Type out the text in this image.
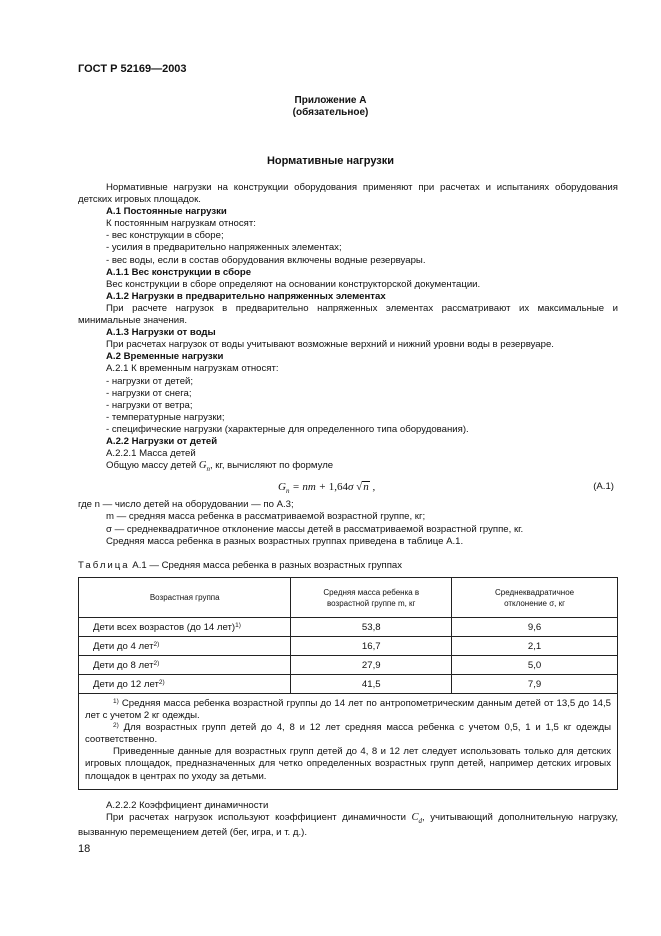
ГОСТ Р 52169—2003
Приложение А
(обязательное)
Нормативные нагрузки

Нормативные нагрузки на конструкции оборудования применяют при расчетах и испытаниях оборудования детских игровых площадок.

А.1 Постоянные нагрузки

К постоянным нагрузкам относят:

- вес конструкции в сборе;

- усилия в предварительно напряженных элементах;

- вес воды, если в состав оборудования включены водные резервуары.

А.1.1 Вес конструкции в сборе

Вес конструкции в сборе определяют на основании конструкторской документации.

А.1.2 Нагрузки в предварительно напряженных элементах

При расчете нагрузок в предварительно напряженных элементах рассматривают их максимальные и минимальные значения.

А.1.3 Нагрузки от воды

При расчетах нагрузок от воды учитывают возможные верхний и нижний уровни воды в резервуаре.

А.2 Временные нагрузки

А.2.1 К временным нагрузкам относят:

- нагрузки от детей;

- нагрузки от снега;

- нагрузки от ветра;

- температурные нагрузки;

- специфические нагрузки (характерные для определенного типа оборудования).

А.2.2 Нагрузки от детей

А.2.2.1 Масса детей

Общую массу детей $G_n$, кг, вычисляют по формуле

$G_n$ = nm + 1,64σ √n ,	(А.1)

где n — число детей на оборудовании — по А.3;

m — средняя масса ребенка в рассматриваемой возрастной группе, кг;

σ — среднеквадратичное отклонение массы детей в рассматриваемой возрастной группе, кг.

Средняя масса ребенка в разных возрастных группах приведена в таблице А.1.

Таблица А.1 — Средняя масса ребенка в разных возрастных группах
Возрастная группа	Средняя масса ребенка в возрастной группе m, кг	Среднеквадратичное отклонение σ, кг
Дети всех возрастов (до 14 лет)$^{1)}$	53,8	9,6
Дети до 4 лет$^{2)}$	16,7	2,1
Дети до 8 лет$^{2)}$	27,9	5,0
Дети до 12 лет$^{2)}$	41,5	7,9

$^{1)}$ Средняя масса ребенка возрастной группы до 14 лет по антропометрическим данным детей от 13,5 до 14,5 лет с учетом 2 кг одежды.

$^{2)}$ Для возрастных групп детей до 4, 8 и 12 лет средняя масса ребенка с учетом 0,5, 1 и 1,5 кг одежды соответственно.

Приведенные данные для возрастных групп детей до 4, 8 и 12 лет следует использовать только для детских игровых площадок, предназначенных для четко определенных возрастных групп детей, например детских игровых площадок в центрах по уходу за детьми.		

А.2.2.2 Коэффициент динамичности

При расчетах нагрузок используют коэффициент динамичности $C_d$, учитывающий дополнительную нагрузку, вызванную перемещением детей (бег, игра, и т. д.).

18
